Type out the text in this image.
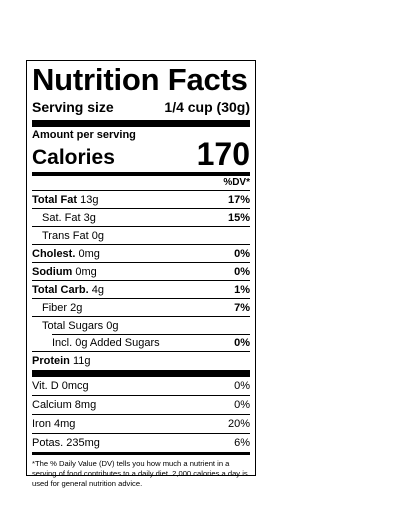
Nutrition Facts
Serving size	1/4 cup (30g)
Amount per serving
Calories	170
%DV*
Total Fat 13g	17%
Sat. Fat 3g	15%
Trans Fat 0g
Cholest. 0mg	0%
Sodium 0mg	0%
Total Carb. 4g	1%
Fiber 2g	7%
Total Sugars 0g
Incl. 0g Added Sugars	0%
Protein 11g
Vit. D 0mcg	0%
Calcium 8mg	0%
Iron 4mg	20%
Potas. 235mg	6%
*The % Daily Value (DV) tells you how much a nutrient in a serving of food contributes to a daily diet. 2,000 calories a day is used for general nutrition advice.
